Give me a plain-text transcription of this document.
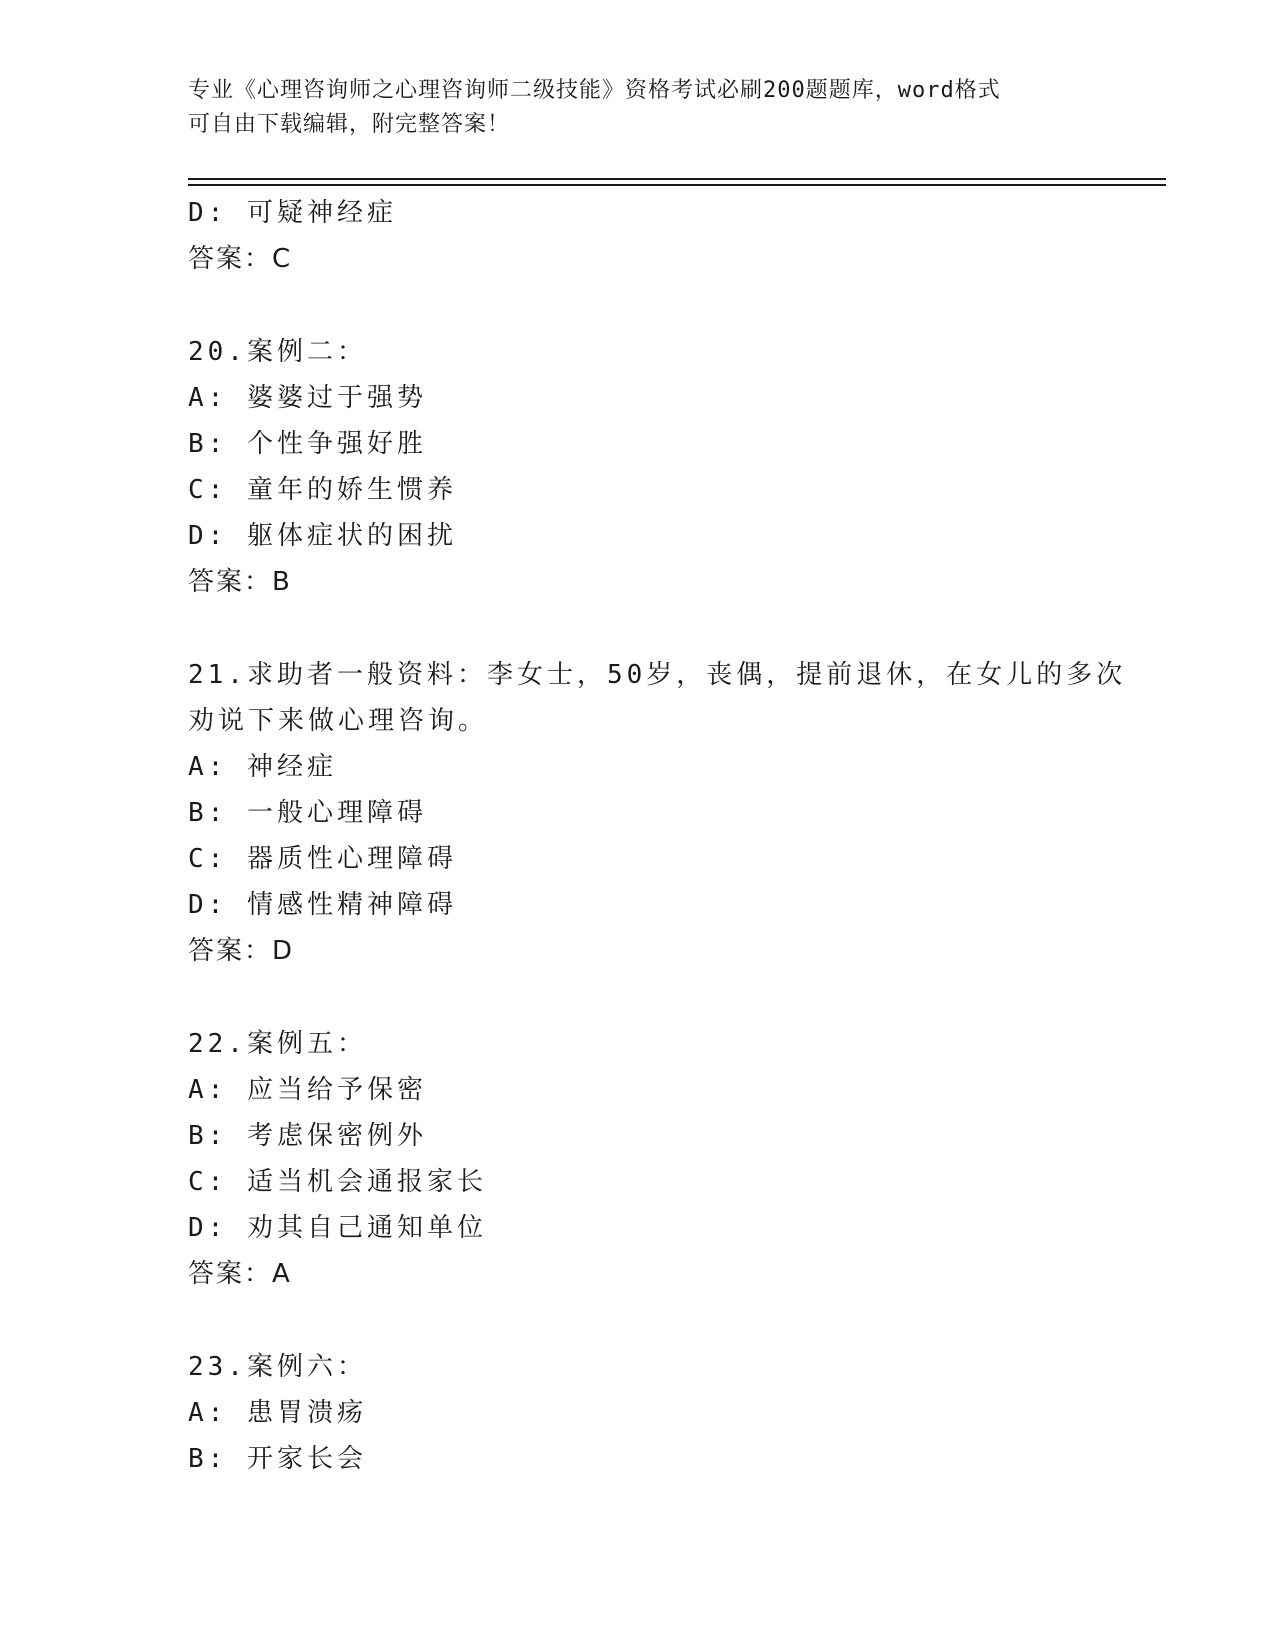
专业《心理咨询师之心理咨询师二级技能》资格考试必刷200题题库，word格式
可自由下载编辑，附完整答案！
D: 可疑神经症
答案：C
20.案例二：
A: 婆婆过于强势
B: 个性争强好胜
C: 童年的娇生惯养
D: 躯体症状的困扰
答案：B
21.求助者一般资料：李女士，50岁，丧偶，提前退休，在女儿的多次
劝说下来做心理咨询。
A: 神经症
B: 一般心理障碍
C: 器质性心理障碍
D: 情感性精神障碍
答案：D
22.案例五：
A: 应当给予保密
B: 考虑保密例外
C: 适当机会通报家长
D: 劝其自己通知单位
答案：A
23.案例六：
A: 患胃溃疡
B: 开家长会
